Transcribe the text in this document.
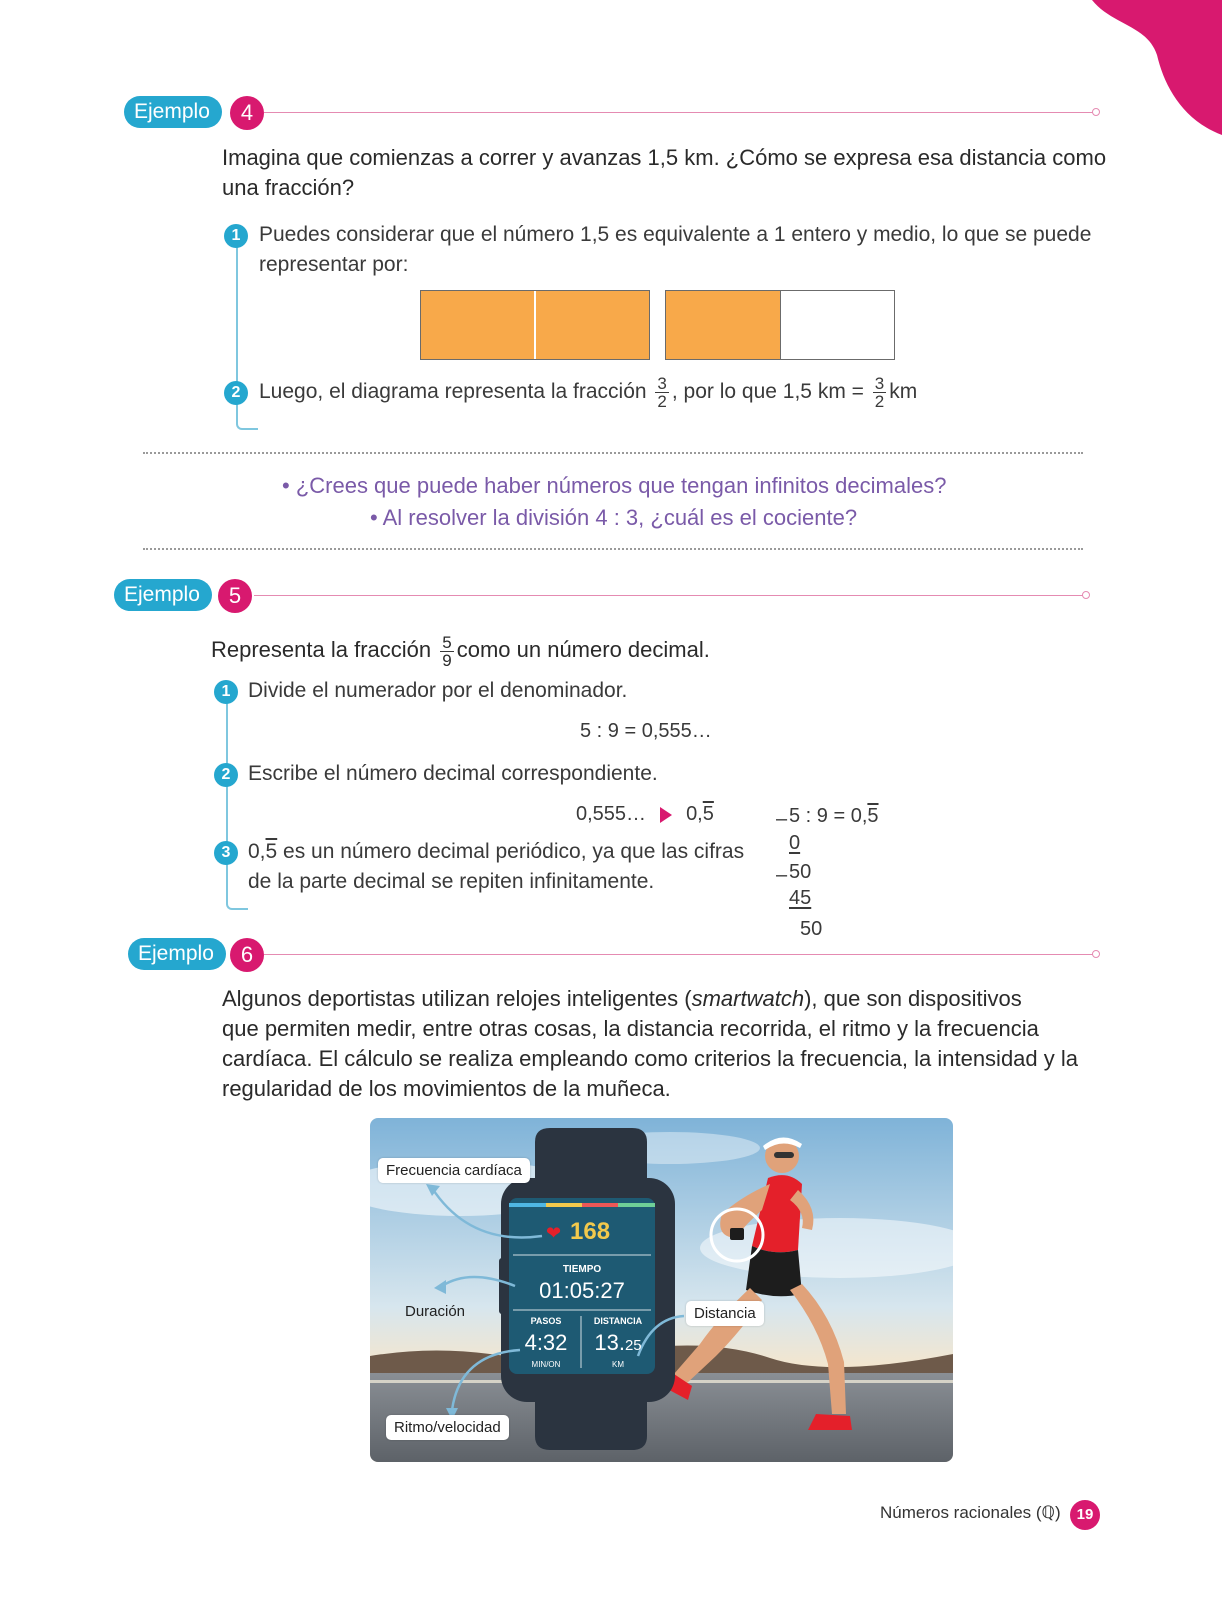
Ejemplo	4
Imagina que comienzas a correr y avanzas 1,5 km. ¿Cómo se expresa esa distancia como una fracción?
1 Puedes considerar que el número 1,5 es equivalente a 1 entero y medio, lo que se puede representar por:
2 Luego, el diagrama representa la fracción $\frac{3}{2}$ , por lo que 1,5 km = $\frac{3}{2}$ km
• ¿Crees que puede haber números que tengan infinitos decimales?
• Al resolver la división 4 : 3, ¿cuál es el cociente?
Ejemplo	5
Representa la fracción $\frac{5}{9}$ como un número decimal.
1 Divide el numerador por el denominador.
5 : 9 = 0,555…
2 Escribe el número decimal correspondiente.
0,555… 0,5
3 0,5 es un número decimal periódico, ya que las cifras
de la parte decimal se repiten infinitamente.
– 5 : 9 = 0,5
0
– 50
45
50
Ejemplo	6
Algunos deportistas utilizan relojes inteligentes (smartwatch), que son dispositivos
que permiten medir, entre otras cosas, la distancia recorrida, el ritmo y la frecuencia
cardíaca. El cálculo se realiza empleando como criterios la frecuencia, la intensidad y la
regularidad de los movimientos de la muñeca.
Frecuencia cardíaca
Duración
Ritmo/velocidad
Distancia
❤ 168
TIEMPO
01:05:27
PASOS
4:32
MIN/ON
DISTANCIA
13.25
KM
Números racionales (ℚ)	19
